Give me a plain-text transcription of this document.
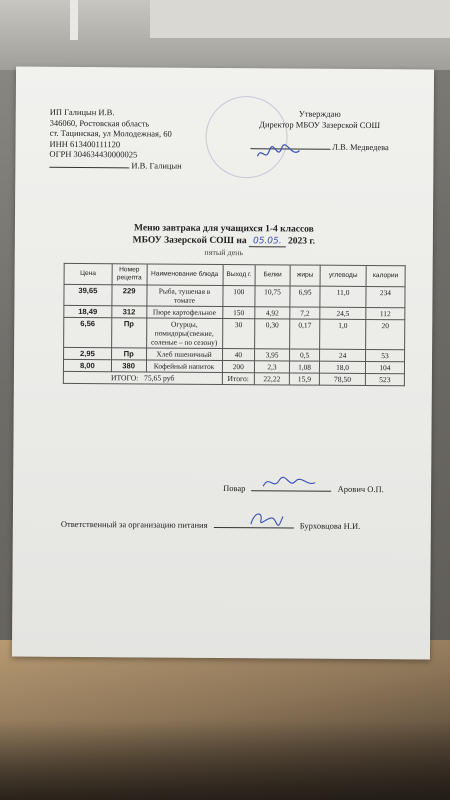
ИП Галицын И.В.
346060, Ростовская область
ст. Тацинская, ул Молодежная, 60
ИНН 613400111120
ОГРН 304634430000025
И.В. Галицын
Утверждаю
Директор МБОУ Зазерской СОШ
Л.В. Медведева
Меню завтрака для учащихся 1-4 классов
МБОУ Зазерской СОШ на 05.05. 2023 г.
пятый день
Цена	Номер рецепта	Наименование блюда	Выход г.	Белки	жиры	углеводы	калории
39,65	229	Рыба, тушеная в томате	100	10,75	6,95	11,0	234
18,49	312	Пюре картофельное	150	4,92	7,2	24,5	112
6,56	Пр	Огурцы, помидоры(свежие, соленые – по сезону)	30	0,30	0,17	1,0	20
2,95	Пр	Хлеб пшеничный	40	3,95	0,5	24	53
8,00	380	Кофейный напиток	200	2,3	1,08	18,0	104
ИТОГО: 75,65 руб			Итого:	22,22	15,9	78,50	523
Повар	Арович О.П.
Ответственный за организацию питания	Бурховцова Н.И.
